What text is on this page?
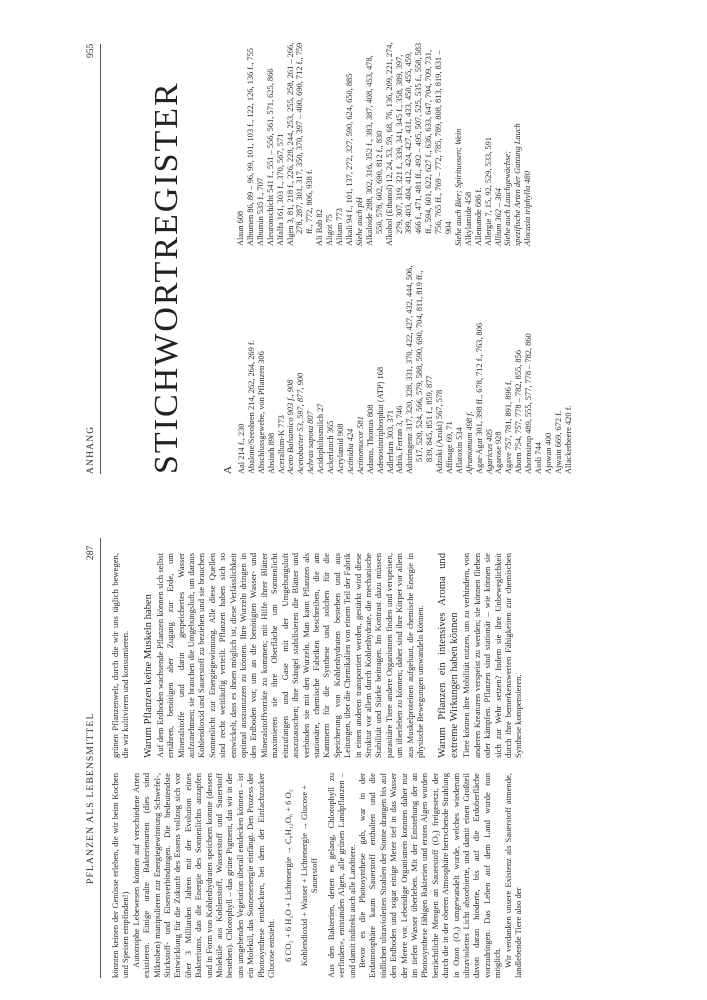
PFLANZEN ALS LEBENSMITTEL
287

könnten keinen der Genüsse erleben, die wir beim Kochen und Speisen empfinden!) Autotrophe Lebewesen können auf verschiedene Arten existieren. Einige uralte Bakterienarten (dies sind Mikroben) manipulieren zur Energiegewinnung Schwefel-, Stickstoff- und Eisenverbindungen. Die bedeutendste Entwicklung für die Zukunft des Essens vollzog sich vor über 3 Milliarden Jahren mit der Evolution eines Bakteriums, das die Energie des Sonnenlichts anzapfen und in Form von Kohlenhydraten speichern konnte (dessen Moleküle aus Kohlenstoff, Wasserstoff und Sauerstoff bestehen). Chlorophyll – das grüne Pigment, das wir in der uns umgebenden Vegetation überall entdecken können – ist ein Molekül, das Sonnenenergie einfängt. Den Prozess der Photosynthese entdeckten, bei dem der Einfachzucker Glucose entsteht. 6 CO₂ + 6 H₂O + Lichtenergie → C₆H₁₂O₆ + 6 O₂ Kohlendioxid + Wasser + Lichtenergie → Glucose + Sauerstoff Aus den Bakterien, denen es gelang, Chlorophyll zu »erfinden«, entstanden Algen, alle grünen Landpflanzen – und damit indirekt auch alle Landtiere. Bevor es die Photosynthese gab, war in der Erdatmosphäre kaum Sauerstoff enthalten und die tödlichen ultravioletten Strahlen der Sonne drangen bis auf den Erdboden und sogar einige Meter tief in das Wasser der Meere vor. Lebendige Organismen konnten daher nur im tiefen Wasser überleben. Mit der Entstehung der an Photosynthese fähigen Bakterien und ersten Algen wurden beträchtliche Mengen an Sauerstoff (O₂) freigesetzt, der durch die in der oberen Atmosphäre herrschende Strahlung in Ozon (O₃) umgewandelt wurde, welches wiederum ultraviolettes Licht absorbierte, und damit einen Großteil davon daran hinderte, bis auf die Erdoberfläche vorzudringen. Das Leben auf dem Land wurde nun möglich. Wir verdanken unsere Existenz als Sauerstoff atmende, landlebende Tiere also der

grünen Pflanzenwelt, durch die wir uns täglich bewegen, die wir kultivieren und konsumieren. Warum Pflanzen keine Muskeln haben Auf dem Erdboden wachsende Pflanzen können sich selbst ernähren, benötigen aber Zugang zur Erde, um Mineralstoffe und darin gespeichertes Wasser aufzunehmen; sie brauchen die Umgebungsluft, um daraus Kohlendioxid und Sauerstoff zu beziehen und sie brauchen Sonnenlicht zur Energiegewinnung. Alle diese Quellen sind recht weitläufig verteilt. Pflanzen haben sich so entwickelt, dass es ihnen möglich ist, diese Verlässlichkeit optimal auszunutzen zu können. Ihre Wurzeln dringen in den Erdboden vor, um an die benötigten Wasser- und Mineralstoffvorräte zu kommen; mit Hilfe ihrer Blätter maximieren sie ihre Oberfläche um Sonnenlicht einzufangen und Gase mit der Umgebungsluft auszutauschen; ihre Stängel stabilisieren die Blätter und verbinden sie mit den Wurzeln. Man kann Pflanzen als stationäre, chemische Fabriken beschreiben, die am Kammern für die Synthese und solchen für die Speicherung von Kohlenhydraten bestehen und aus Leitungen, über die Chemikalien von einem Teil der Fabrik in einen anderen transportiert werden, gestärkt wird diese Struktur vor allem durch Kohlenhydrate, die mechanische Stabilität und Stärke beitragen. Im Kontrast dazu müssen parasitäre Tiere andere Organismen finden und verspeisen, um überleben zu können; daher sind ihre Körper vor allem aus Muskelproteinen aufgebaut, die chemische Energie in physische Bewegungen umwandeln können. Warum Pflanzen ein intensives Aroma und extreme Wirkungen haben können Tiere können ihre Mobilität nutzen, um zu verhindern, von anderen Kreaturen verspeist zu werden; sie können fliehen oder kämpfen. Pflanzen sind stationär – wie können sie sich zur Wehr setzen? Indem sie ihre Unbeweglichkeit durch ihre bemerkenswerten Fähigkeiten zur chemischen Synthese kompensieren.

ANHANG
955
STICHWORTREGISTER	A Aal 214 f., 230 Abalone/Seeohren 214, 262, 264, 269 f. Abschlussgewebe, von Pflanzen 306 Absinth 898 Acerallum-K 773 Aceto Balsamico 903 f., 908 Acetobacter 53, 597, 877, 900 Achras sapota 807 Acidophilusmilch 27 Ackerlauch 365 Acrylamid 908 Actinidia 424 Actinomucor 581 Adams, Thomas 808 Adenosintriphosphat (ATP) 168 Adlerfarn 303, 371 Adrià, Ferran 3, 746 Adstringenz 317, 320, 328, 331, 370, 422, 427, 432, 444, 506, 517, 520, 524, 566, 579, 588, 590, 690, 704, 811, 819 ff., 839, 845, 851 f., 859, 877 Adzuki (Azuki) 567, 578 Affinage 69, 71 Aflatoxin 534 Aframomum 498 f. Agar-Agar 301, 398 ff., 678, 712 f., 763, 806 Agaricus 405 Agarose 928 Agave 757, 781, 891, 896 f. Ahorn 754, 757, 778 – 782, 855, 856 Ahornsirup 489, 555, 577, 778 – 782, 860 Aioli 744 Ajowan 400 Ajwain 669, 672 f. Allackerbeere 420 f.
Alaun 608 Albumen 86, 89 – 96, 99, 101, 103 f., 122, 126, 136 f., 755 Albumin 535 f., 707 Aleuronschicht 541 f., 551 – 556, 561, 571, 625, 866 Alfalfa 161, 303 f., 370, 567, 571 Algen 3, 81, 218 f., 226, 228, 244, 253, 255, 258, 261 – 266, 278, 287, 301, 317, 350, 370, 397 – 400, 690, 712 f., 759 ff., 772, 806, 938 f. Ali Bab 82 Aligot 75 Alitam 773 Alkali 94 f., 101, 137, 272, 327, 590, 624, 650, 885 Siehe auch pH Alkaloide 288, 302, 316, 352 f., 383, 387, 408, 453, 478, 550, 578, 602, 690, 812 f., 830 Alkohol (Ethanol) 12, 24, 53, 59, 68, 76, 136, 209, 221, 274, 279, 307, 319, 321 f., 339, 341, 345 f., 358, 389, 397, 399, 403, 404, 412, 424, 427, 431, 433, 450, 455, 459, 466 f., 471, 481 ff., 492 – 495, 507, 525, 535 f., 558, 583 ff., 594, 601, 622, 627 f., 636, 633, 647, 704, 709, 731, 756, 765 ff., 769 – 772, 785, 789, 808, 813, 819, 831 – 904 Siehe auch Bier; Spirituosen; Wein Alkylamide 458 Allemande 686 f. Allergie 7, 15, 92, 529, 533, 591 Allium 362 – 364 Siehe auch Lauchgewächse; spezifische Arten der Gattung Lauch Alocasia triphylla 480
